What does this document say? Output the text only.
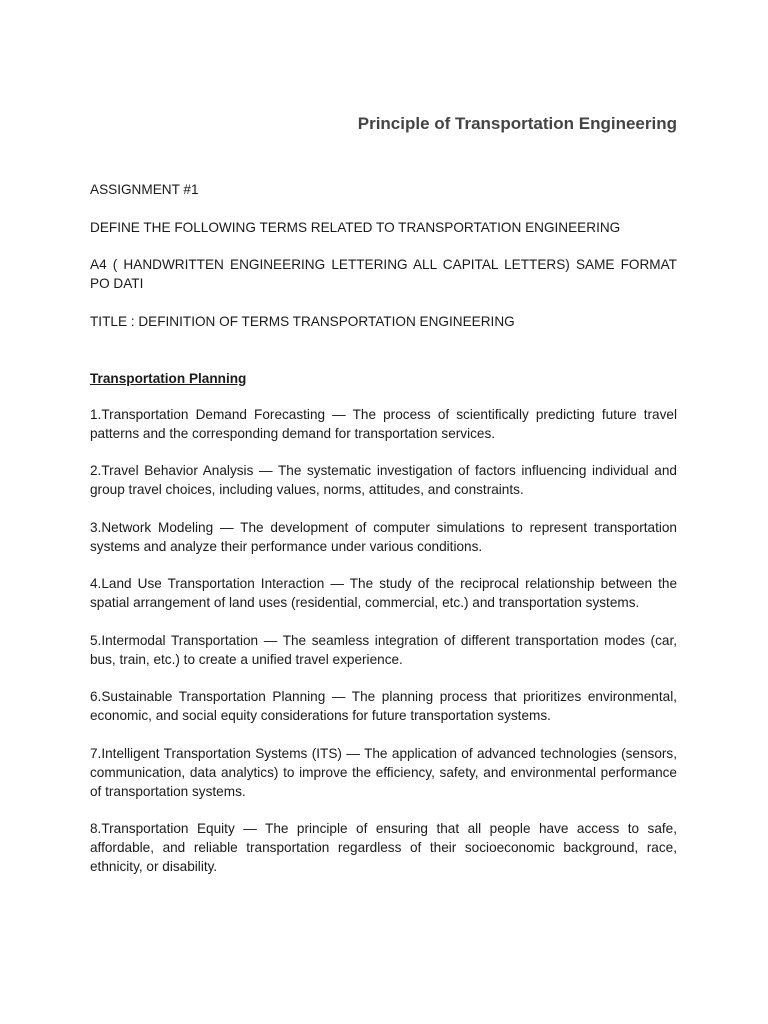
Principle of Transportation Engineering

ASSIGNMENT #1

DEFINE THE FOLLOWING TERMS RELATED TO TRANSPORTATION ENGINEERING

A4 ( HANDWRITTEN ENGINEERING LETTERING ALL CAPITAL LETTERS) SAME FORMAT PO DATI

TITLE : DEFINITION OF TERMS TRANSPORTATION ENGINEERING

Transportation Planning
1.Transportation Demand Forecasting — The process of scientifically predicting future travel patterns and the corresponding demand for transportation services.
2.Travel Behavior Analysis — The systematic investigation of factors influencing individual and group travel choices, including values, norms, attitudes, and constraints.
3.Network Modeling — The development of computer simulations to represent transportation systems and analyze their performance under various conditions.
4.Land Use Transportation Interaction — The study of the reciprocal relationship between the spatial arrangement of land uses (residential, commercial, etc.) and transportation systems.
5.Intermodal Transportation — The seamless integration of different transportation modes (car, bus, train, etc.) to create a unified travel experience.
6.Sustainable Transportation Planning — The planning process that prioritizes environmental, economic, and social equity considerations for future transportation systems.
7.Intelligent Transportation Systems (ITS) — The application of advanced technologies (sensors, communication, data analytics) to improve the efficiency, safety, and environmental performance of transportation systems.
8.Transportation Equity — The principle of ensuring that all people have access to safe, affordable, and reliable transportation regardless of their socioeconomic background, race, ethnicity, or disability.
